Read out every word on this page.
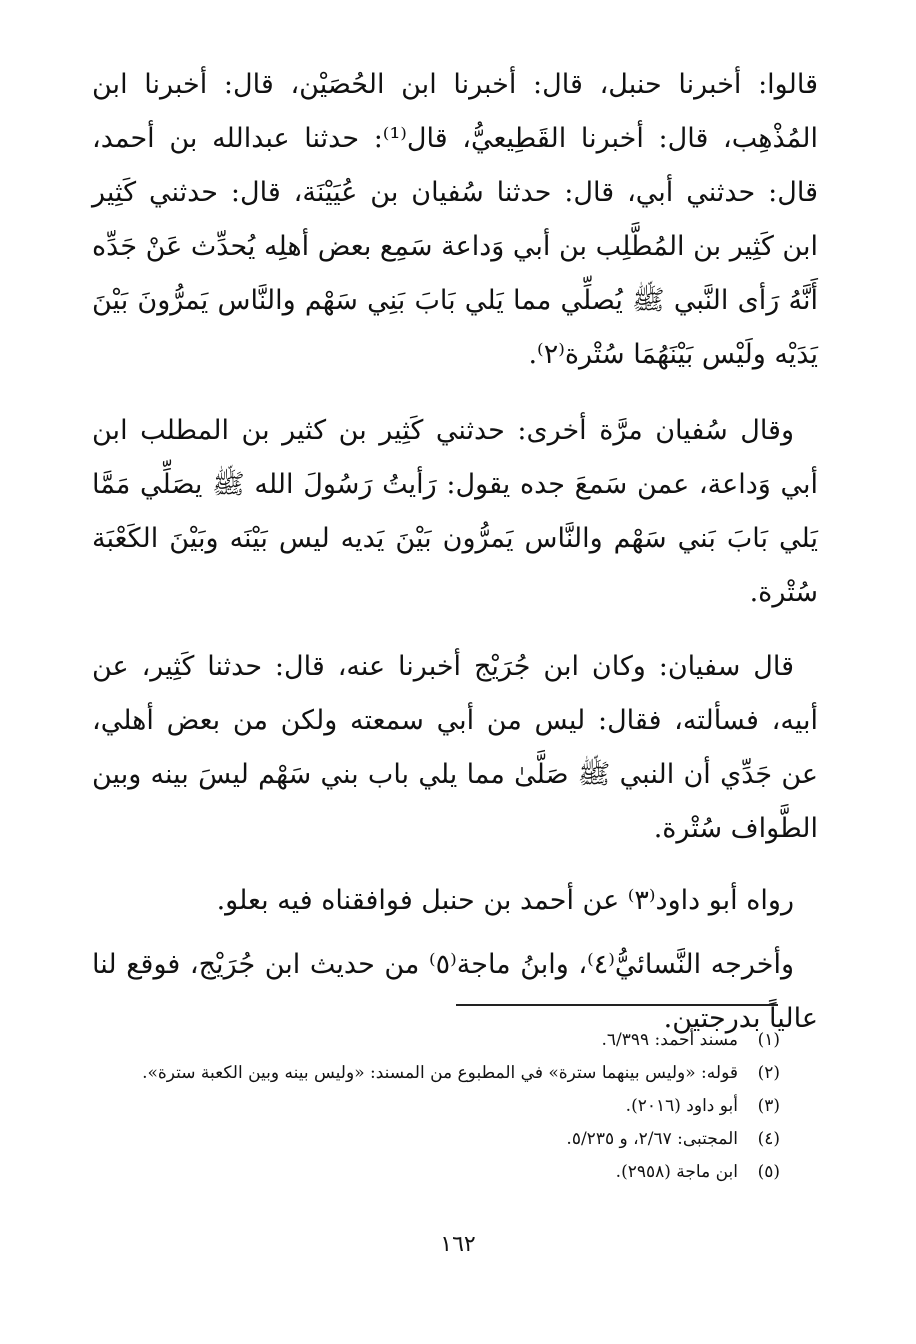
قالوا: أخبرنا حنبل، قال: أخبرنا ابن الحُصَيْن، قال: أخبرنا ابن المُذْهِب، قال: أخبرنا القَطِيعيُّ، قال⁽¹⁾: حدثنا عبدالله بن أحمد، قال: حدثني أبي، قال: حدثنا سُفيان بن عُيَيْنَة، قال: حدثني كَثِير ابن كَثِير بن المُطَّلِب بن أبي وَداعة سَمِع بعض أهلِه يُحدِّث عَنْ جَدِّه أَنَّهُ رَأى النَّبي ﷺ يُصلِّي مما يَلي بَابَ بَنِي سَهْم والنَّاس يَمرُّونَ بَيْنَ يَدَيْه ولَيْس بَيْنَهُمَا سُتْرة⁽٢⁾.

وقال سُفيان مرَّة أخرى: حدثني كَثِير بن كثير بن المطلب ابن أبي وَداعة، عمن سَمعَ جده يقول: رَأيتُ رَسُولَ الله ﷺ يصَلِّي مَمَّا يَلي بَابَ بَني سَهْم والنَّاس يَمرُّون بَيْنَ يَديه ليس بَيْنَه وبَيْنَ الكَعْبَة سُتْرة.

قال سفيان: وكان ابن جُرَيْج أخبرنا عنه، قال: حدثنا كَثِير، عن أبيه، فسألته، فقال: ليس من أبي سمعته ولكن من بعض أهلي، عن جَدِّي أن النبي ﷺ صَلَّىٰ مما يلي باب بني سَهْم ليسَ بينه وبين الطَّواف سُتْرة.

رواه أبو داود⁽٣⁾ عن أحمد بن حنبل فوافقناه فيه بعلو.

وأخرجه النَّسائيُّ⁽٤⁾، وابنُ ماجة⁽٥⁾ من حديث ابن جُرَيْج، فوقع لنا عالياً بدرجتين.

(١)
مسند أحمد: ٦/٣٩٩.
(٢)
قوله: «وليس بينهما سترة» في المطبوع من المسند: «وليس بينه وبين الكعبة سترة».
(٣)
أبو داود (٢٠١٦).
(٤)
المجتبى: ٢/٦٧، و ٥/٢٣٥.
(٥)
ابن ماجة (٢٩٥٨).
١٦٢
